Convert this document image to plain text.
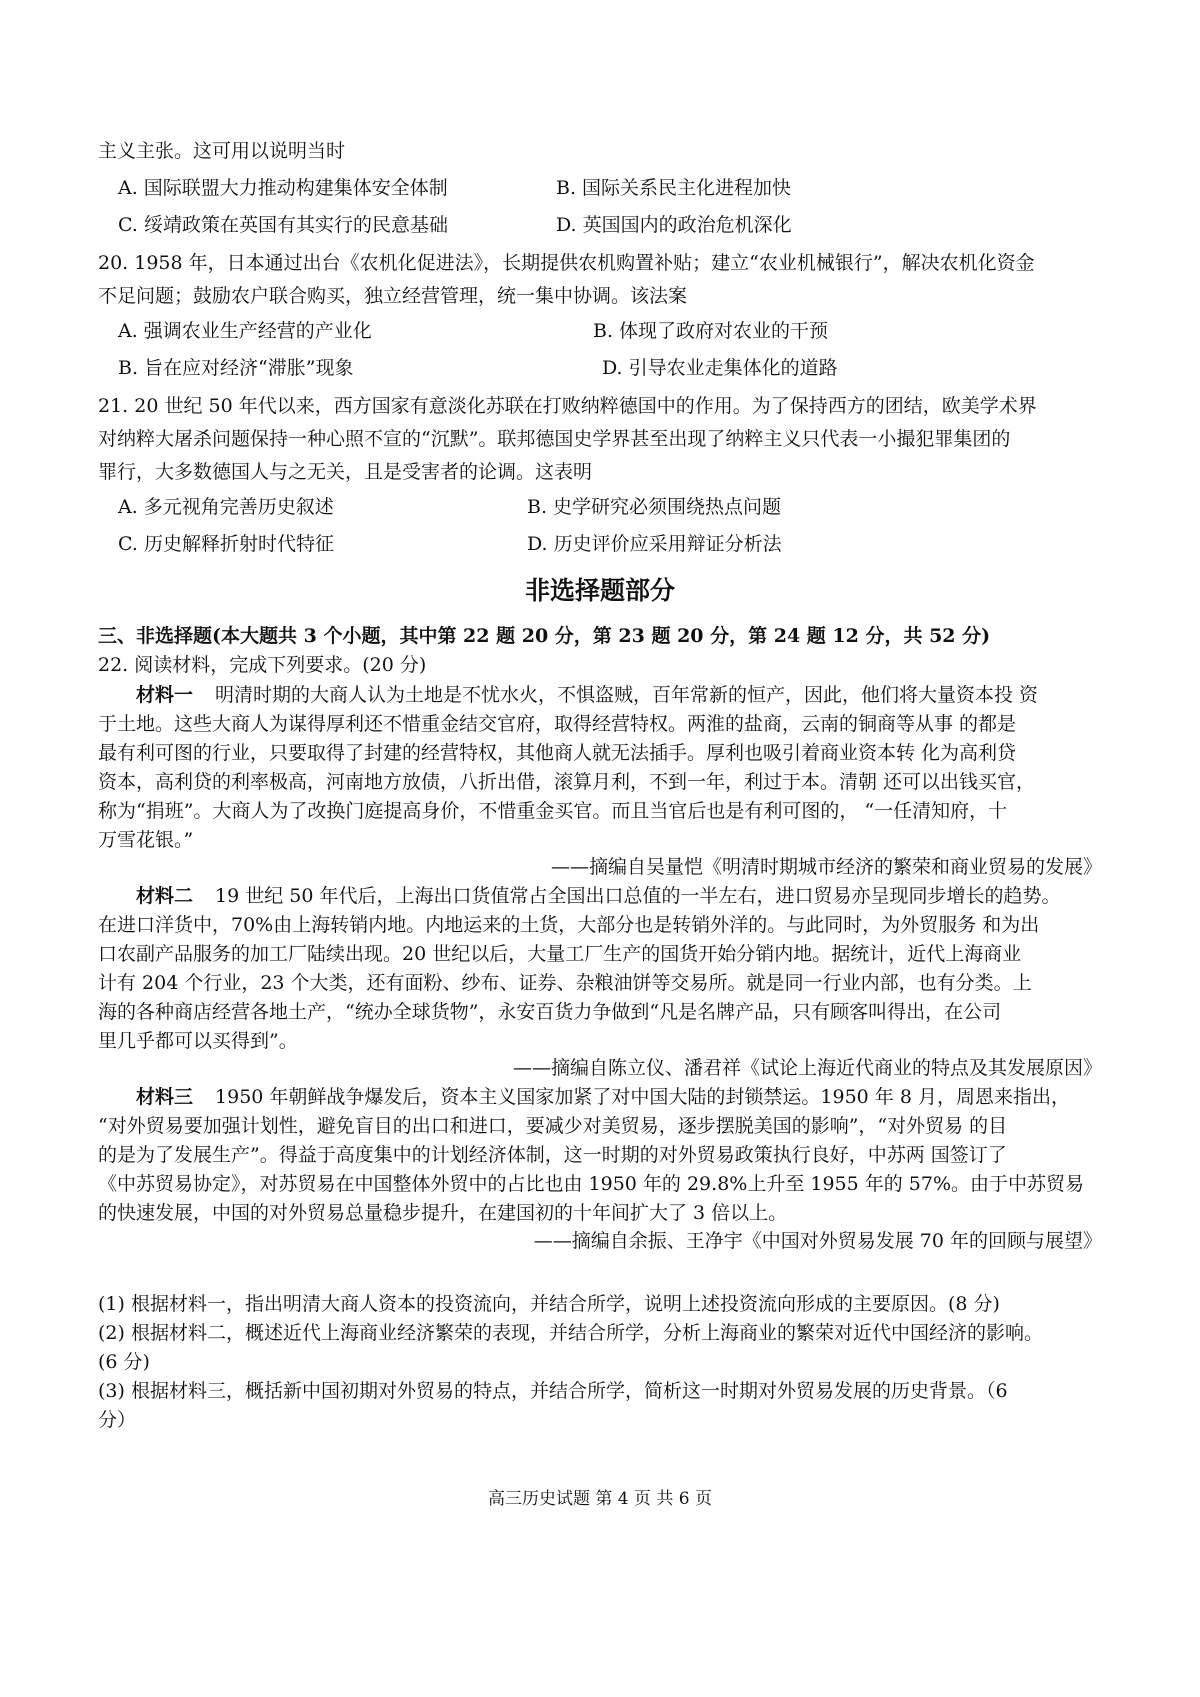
主义主张。这可用以说明当时
A. 国际联盟大力推动构建集体安全体制	B. 国际关系民主化进程加快
C. 绥靖政策在英国有其实行的民意基础	D. 英国国内的政治危机深化
20. 1958 年，日本通过出台《农机化促进法》，长期提供农机购置补贴；建立“农业机械银行”，解决农机化资金
不足问题；鼓励农户联合购买，独立经营管理，统一集中协调。该法案
A. 强调农业生产经营的产业化	B. 体现了政府对农业的干预
B. 旨在应对经济“滞胀”现象	D. 引导农业走集体化的道路
21. 20 世纪 50 年代以来，西方国家有意淡化苏联在打败纳粹德国中的作用。为了保持西方的团结，欧美学术界
对纳粹大屠杀问题保持一种心照不宣的“沉默”。联邦德国史学界甚至出现了纳粹主义只代表一小撮犯罪集团的
罪行，大多数德国人与之无关，且是受害者的论调。这表明
A. 多元视角完善历史叙述	B. 史学研究必须围绕热点问题
C. 历史解释折射时代特征	D. 历史评价应采用辩证分析法
非选择题部分
三、非选择题(本大题共 3 个小题，其中第 22 题 20 分，第 23 题 20 分，第 24 题 12 分，共 52 分)
22. 阅读材料，完成下列要求。(20 分)
材料一 明清时期的大商人认为土地是不忧水火，不惧盗贼，百年常新的恒产，因此，他们将大量资本投 资
于土地。这些大商人为谋得厚利还不惜重金结交官府，取得经营特权。两淮的盐商，云南的铜商等从事 的都是
最有利可图的行业，只要取得了封建的经营特权，其他商人就无法插手。厚利也吸引着商业资本转 化为高利贷
资本，高利贷的利率极高，河南地方放债，八折出借，滚算月利，不到一年，利过于本。清朝 还可以出钱买官，
称为“捐班”。大商人为了改换门庭提高身价，不惜重金买官。而且当官后也是有利可图的， “一任清知府，十
万雪花银。”
——摘编自吴量恺《明清时期城市经济的繁荣和商业贸易的发展》
材料二 19 世纪 50 年代后，上海出口货值常占全国出口总值的一半左右，进口贸易亦呈现同步增长的趋势。
在进口洋货中，70%由上海转销内地。内地运来的土货，大部分也是转销外洋的。与此同时，为外贸服务 和为出
口农副产品服务的加工厂陆续出现。20 世纪以后，大量工厂生产的国货开始分销内地。据统计，近代上海商业
计有 204 个行业，23 个大类，还有面粉、纱布、证券、杂粮油饼等交易所。就是同一行业内部，也有分类。上
海的各种商店经营各地土产，“统办全球货物”，永安百货力争做到“凡是名牌产品，只有顾客叫得出，在公司
里几乎都可以买得到”。
——摘编自陈立仪、潘君祥《试论上海近代商业的特点及其发展原因》
材料三 1950 年朝鲜战争爆发后，资本主义国家加紧了对中国大陆的封锁禁运。1950 年 8 月，周恩来指出，
“对外贸易要加强计划性，避免盲目的出口和进口，要减少对美贸易，逐步摆脱美国的影响”，“对外贸易 的目
的是为了发展生产”。得益于高度集中的计划经济体制，这一时期的对外贸易政策执行良好，中苏两 国签订了
《中苏贸易协定》，对苏贸易在中国整体外贸中的占比也由 1950 年的 29.8%上升至 1955 年的 57%。由于中苏贸易
的快速发展，中国的对外贸易总量稳步提升，在建国初的十年间扩大了 3 倍以上。
——摘编自余振、王净宇《中国对外贸易发展 70 年的回顾与展望》
(1) 根据材料一，指出明清大商人资本的投资流向，并结合所学，说明上述投资流向形成的主要原因。(8 分)
(2) 根据材料二，概述近代上海商业经济繁荣的表现，并结合所学，分析上海商业的繁荣对近代中国经济的影响。
(6 分)
(3) 根据材料三，概括新中国初期对外贸易的特点，并结合所学，简析这一时期对外贸易发展的历史背景。（6
分）
高三历史试题 第 4 页 共 6 页
